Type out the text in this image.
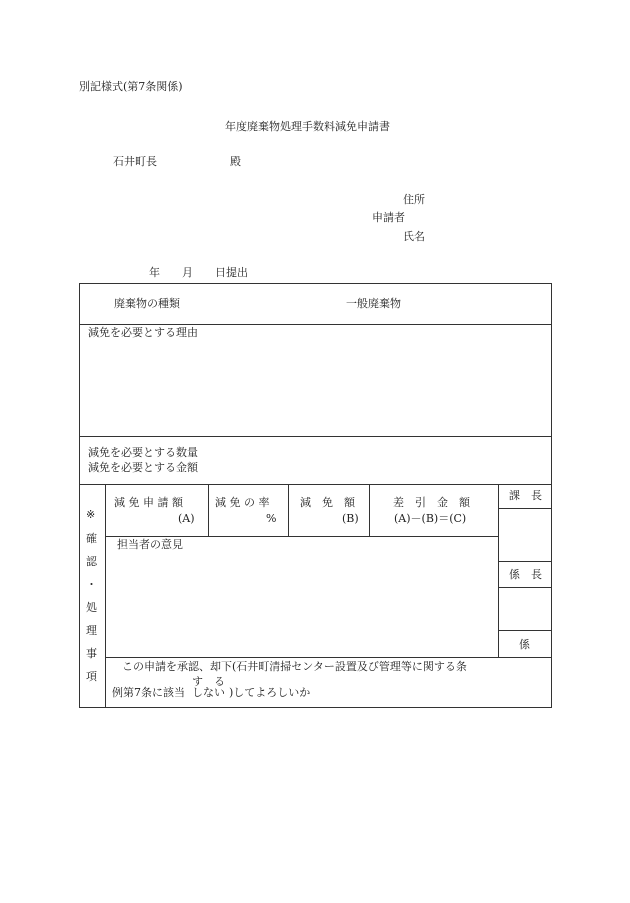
別記様式(第7条関係)
年度廃棄物処理手数料減免申請書
石井町長	殿
住所
申請者
氏名
年　　月　　日提出
廃棄物の種類	一般廃棄物
減免を必要とする理由
減免を必要とする数量
減免を必要とする金額
※
確
認
・
処
理
事
項
減 免 申 請 額
(A)
減 免 の 率
%
減　免　額
(B)
差　引　金　額
(A)－(B)＝(C)
課　長
係　長
係
担当者の意見
この申請を承認、却下(石井町清掃センター設置及び管理等に関する条
例第7条に該当
す　る
しない )してよろしいか
